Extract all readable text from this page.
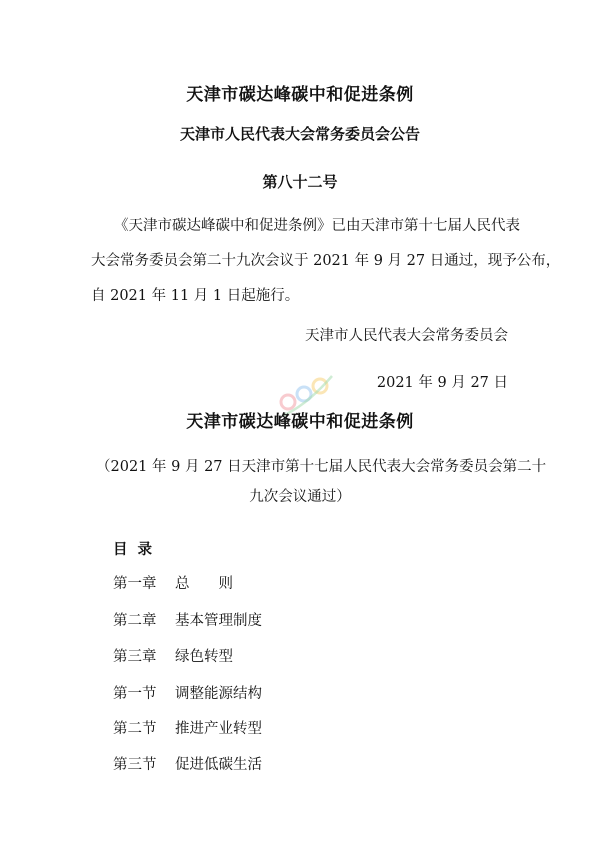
天津市碳达峰碳中和促进条例
天津市人民代表大会常务委员会公告
第八十二号
《天津市碳达峰碳中和促进条例》已由天津市第十七届人民代表
大会常务委员会第二十九次会议于 2021 年 9 月 27 日通过，现予公布，
自 2021 年 11 月 1 日起施行。
天津市人民代表大会常务委员会
2021 年 9 月 27 日
天津市碳达峰碳中和促进条例
（2021 年 9 月 27 日天津市第十七届人民代表大会常务委员会第二十
九次会议通过）
目录
第一章 总　　则
第二章 基本管理制度
第三章 绿色转型
第一节 调整能源结构
第二节 推进产业转型
第三节 促进低碳生活
